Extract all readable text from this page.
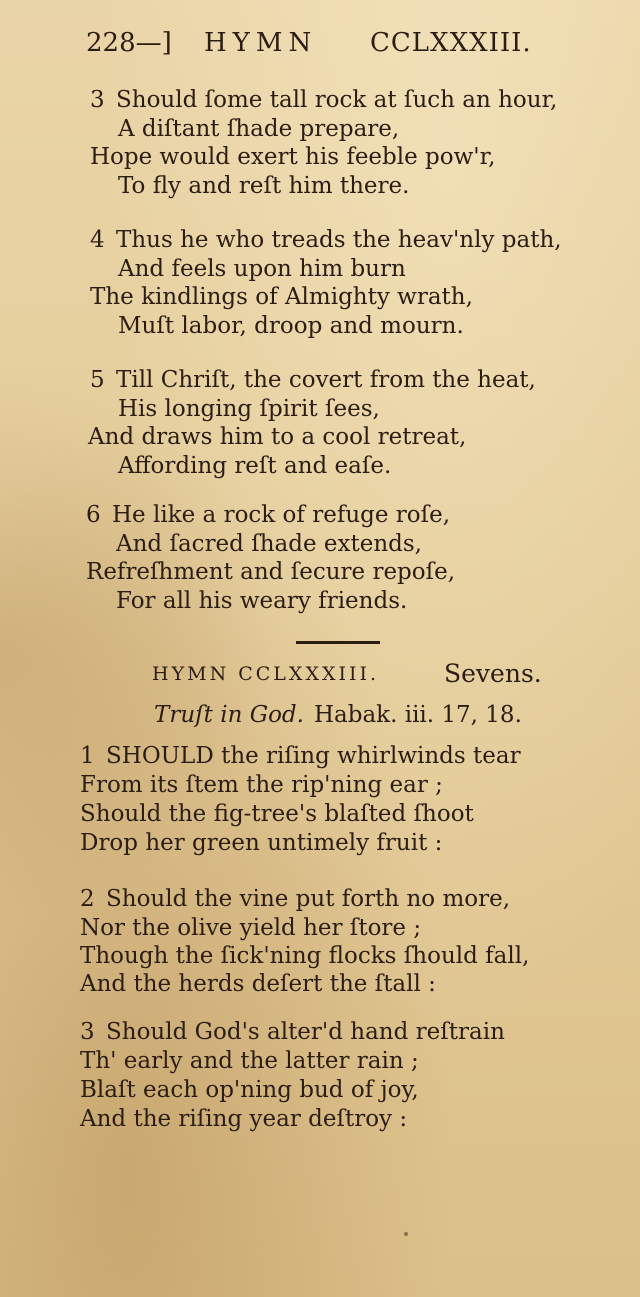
228—] HYMN CCLXXXIII.
3 Should ſome tall rock at ſuch an hour,
A diſtant ſhade prepare,
Hope would exert his feeble pow'r,
To fly and reſt him there.
4 Thus he who treads the heav'nly path,
And feels upon him burn
The kindlings of Almighty wrath,
Muſt labor, droop and mourn.
5 Till Chriſt, the covert from the heat,
His longing ſpirit ſees,
And draws him to a cool retreat,
Affording reſt and eaſe.
6 He like a rock of refuge roſe,
And ſacred ſhade extends,
Refreſhment and ſecure repoſe,
For all his weary friends.
HYMN CCLXXXIII.	Sevens.
Truſt in God. Habak. iii. 17, 18.
1 SHOULD the riſing whirlwinds tear
From its ſtem the rip'ning ear ;
Should the fig-tree's blaſted ſhoot
Drop her green untimely fruit :
2 Should the vine put forth no more,
Nor the olive yield her ſtore ;
Though the ſick'ning flocks ſhould fall,
And the herds deſert the ſtall :
3 Should God's alter'd hand reſtrain
Th' early and the latter rain ;
Blaſt each op'ning bud of joy,
And the riſing year deſtroy :
